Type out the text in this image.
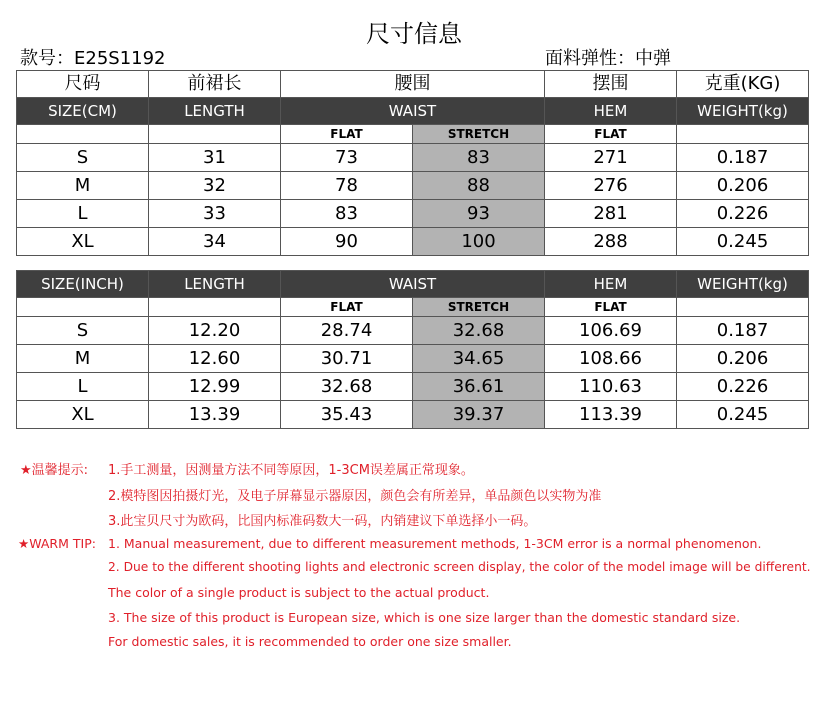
尺寸信息
款号：E25S1192	面料弹性：中弹
尺码	前裙长	腰围		摆围	克重(KG)
SIZE(CM)	LENGTH	WAIST		HEM	WEIGHT(kg)
		FLAT	STRETCH	FLAT	
S	31	73	83	271	0.187
M	32	78	88	276	0.206
L	33	83	93	281	0.226
XL	34	90	100	288	0.245
SIZE(INCH)	LENGTH	WAIST		HEM	WEIGHT(kg)
		FLAT	STRETCH	FLAT	
S	12.20	28.74	32.68	106.69	0.187
M	12.60	30.71	34.65	108.66	0.206
L	12.99	32.68	36.61	110.63	0.226
XL	13.39	35.43	39.37	113.39	0.245
★温馨提示: 1.手工测量，因测量方法不同等原因，1-3CM误差属正常现象。
2.模特图因拍摄灯光，及电子屏幕显示器原因，颜色会有所差异，单品颜色以实物为准
3.此宝贝尺寸为欧码，比国内标准码数大一码，内销建议下单选择小一码。
★WARM TIP: 1. Manual measurement, due to different measurement methods, 1-3CM error is a normal phenomenon.
2. Due to the different shooting lights and electronic screen display, the color of the model image will be different.
The color of a single product is subject to the actual product.
3. The size of this product is European size, which is one size larger than the domestic standard size.
For domestic sales, it is recommended to order one size smaller.
